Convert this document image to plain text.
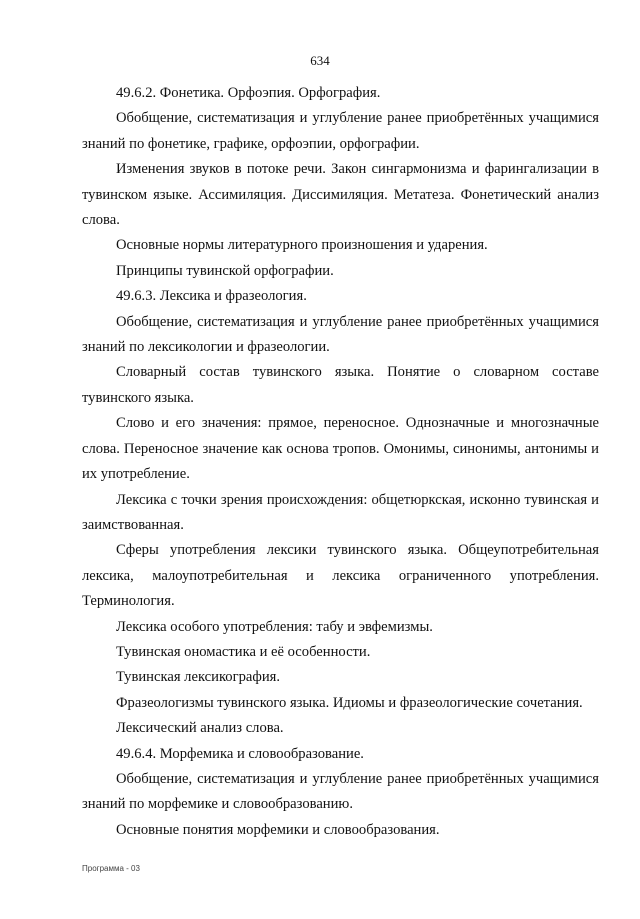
634

49.6.2. Фонетика. Орфоэпия. Орфография.

Обобщение, систематизация и углубление ранее приобретённых учащимися знаний по фонетике, графике, орфоэпии, орфографии.

Изменения звуков в потоке речи. Закон сингармонизма и фарингализации в тувинском языке. Ассимиляция. Диссимиляция. Метатеза. Фонетический анализ слова.

Основные нормы литературного произношения и ударения.

Принципы тувинской орфографии.

49.6.3. Лексика и фразеология.

Обобщение, систематизация и углубление ранее приобретённых учащимися знаний по лексикологии и фразеологии.

Словарный состав тувинского языка. Понятие о словарном составе тувинского языка.

Слово и его значения: прямое, переносное. Однозначные и многозначные слова. Переносное значение как основа тропов. Омонимы, синонимы, антонимы и их употребление.

Лексика с точки зрения происхождения: общетюркская, исконно тувинская и заимствованная.

Сферы употребления лексики тувинского языка. Общеупотребительная лексика, малоупотребительная и лексика ограниченного употребления. Терминология.

Лексика особого употребления: табу и эвфемизмы.

Тувинская ономастика и её особенности.

Тувинская лексикография.

Фразеологизмы тувинского языка. Идиомы и фразеологические сочетания.

Лексический анализ слова.

49.6.4. Морфемика и словообразование.

Обобщение, систематизация и углубление ранее приобретённых учащимися знаний по морфемике и словообразованию.

Основные понятия морфемики и словообразования.

Программа - 03
